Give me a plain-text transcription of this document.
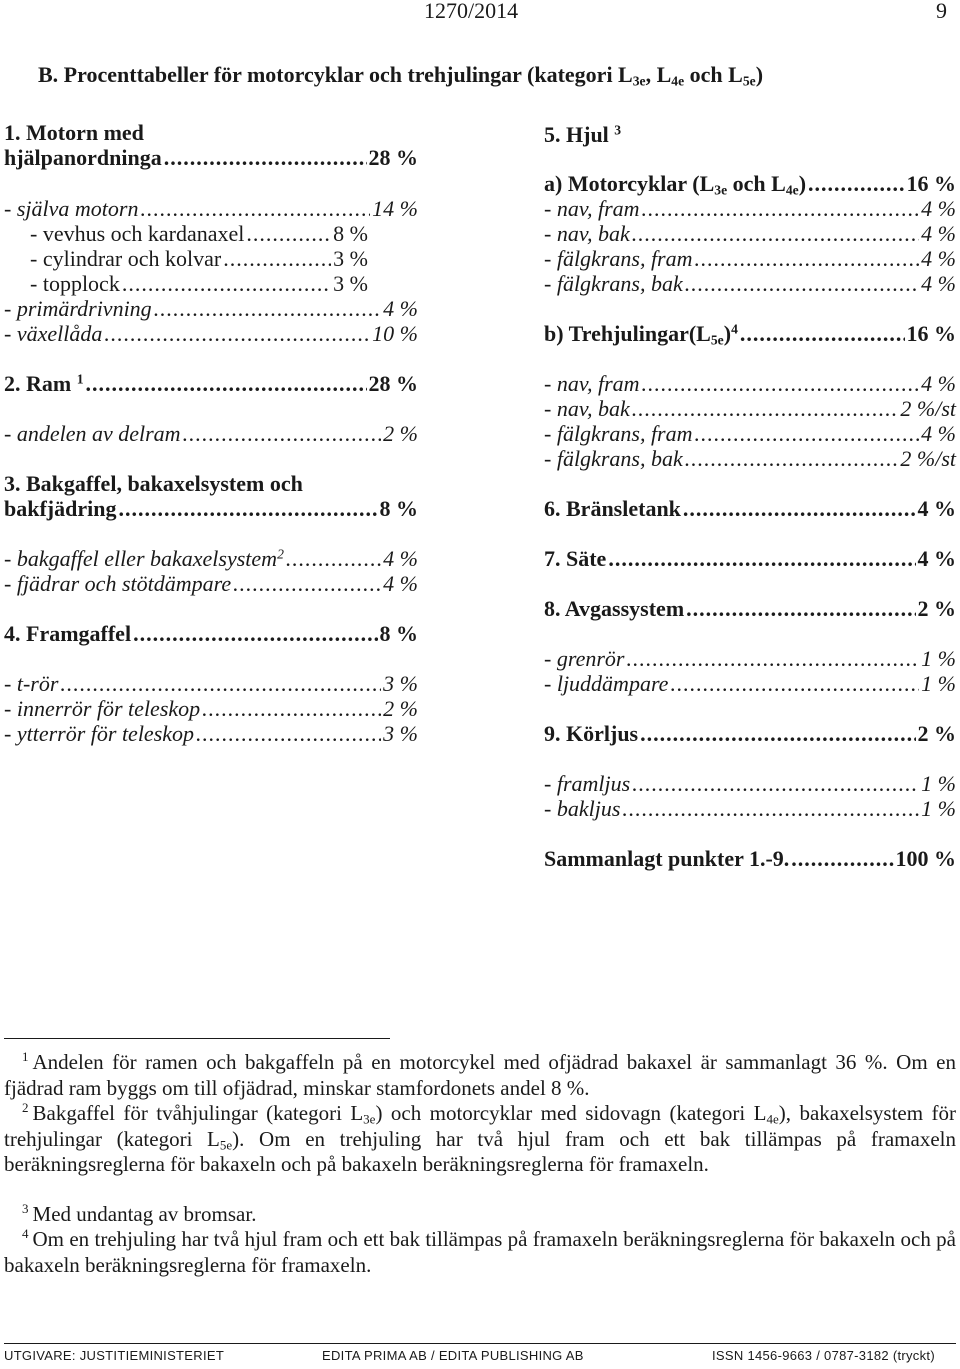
1270/2014	9
B. Procenttabeller för motorcyklar och trehjulingar (kategori $L_{3e}$, $L_{4e}$ och $L_{5e}$)
1. Motorn med
hjälpanordninga .....	28 %
- själva motorn .....	14 %
- vevhus och kardanaxel .....	8 %
- cylindrar och kolvar .....	3 %
- topplock .....	3 %
- primärdrivning .....	4 %
- växellåda .....	10 %
2. Ram $^1$ .....	28 %
- andelen av delram .....	2 %
3. Bakgaffel, bakaxelsystem och
bakfjädring .....	8 %
- bakgaffel eller bakaxelsystem$^2$ .....	4 %
- fjädrar och stötdämpare .....	4 %
4. Framgaffel .....	8 %
- t-rör .....	3 %
- innerrör för teleskop .....	2 %
- ytterrör för teleskop .....	3 %
5. Hjul $^3$
a) Motorcyklar ($L_{3e}$ och $L_{4e}$) .....	16 %
- nav, fram .....	4 %
- nav, bak .....	4 %
- fälgkrans, fram .....	4 %
- fälgkrans, bak .....	4 %
b) $Trehjulingar(L_{5e})^4$ .....	16 %
- nav, fram .....	4 %
- nav, bak .....	2 %/st
- fälgkrans, fram .....	4 %
- fälgkrans, bak .....	2 %/st
6. Bränsletank .....	4 %
7. Säte .....	4 %
8. Avgassystem .....	2 %
- grenrör .....	1 %
- ljuddämpare .....	1 %
9. Körljus .....	2 %
- framljus .....	1 %
- bakljus .....	1 %
Sammanlagt punkter 1.-9. .....	100 %
$^1$ Andelen för ramen och bakgaffeln på en motorcykel med ofjädrad bakaxel är sammanlagt 36 %. Om en fjädrad ram byggs om till ofjädrad, minskar stamfordonets andel 8 %.
$^2$ Bakgaffel för tvåhjulingar (kategori $L_{3e}$) och motorcyklar med sidovagn (kategori $L_{4e}$), bakaxelsystem för trehjulingar (kategori $L_{5e}$). Om en trehjuling har två hjul fram och ett bak tillämpas på framaxeln beräkningsreglerna för bakaxeln och på bakaxeln beräkningsreglerna för framaxeln.
$^3$ Med undantag av bromsar.
$^4$ Om en trehjuling har två hjul fram och ett bak tillämpas på framaxeln beräkningsreglerna för bakaxeln och på bakaxeln beräkningsreglerna för framaxeln.
UTGIVARE: JUSTITIEMINISTERIET	EDITA PRIMA AB / EDITA PUBLISHING AB	ISSN 1456-9663 / 0787-3182 (tryckt)
